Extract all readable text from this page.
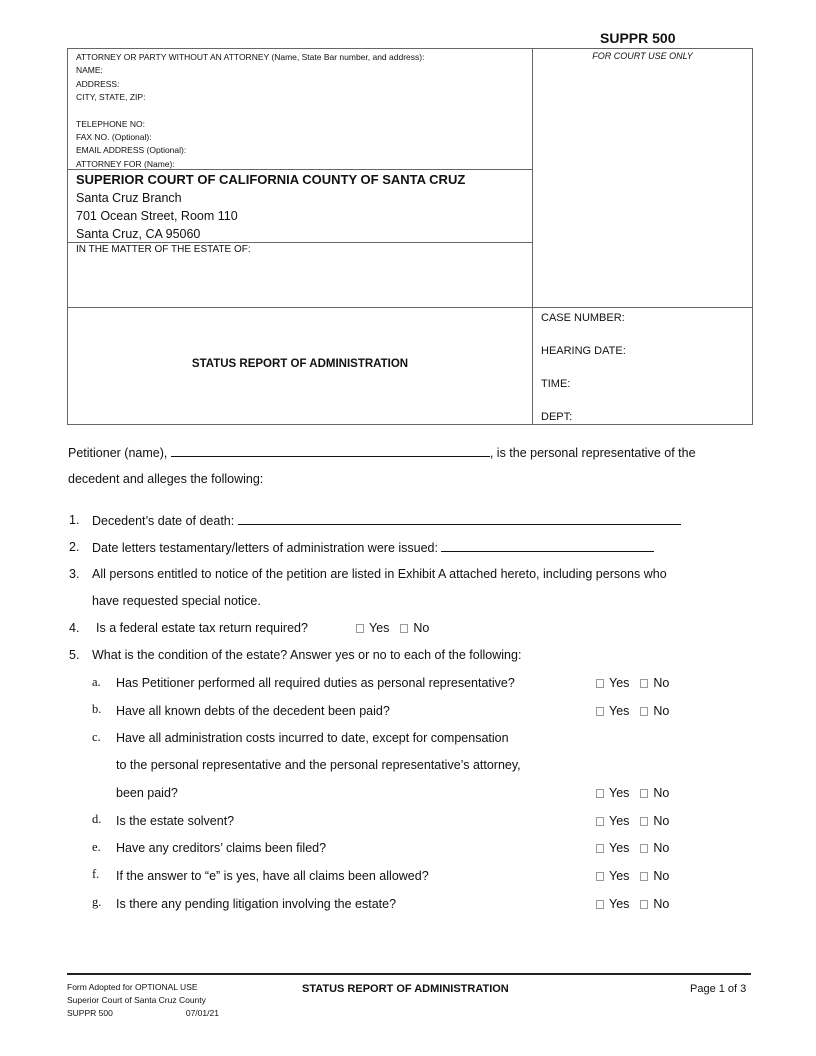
SUPPR 500
ATTORNEY OR PARTY WITHOUT AN ATTORNEY (Name, State Bar number, and address):
NAME:
ADDRESS:
CITY, STATE, ZIP:
TELEPHONE NO:
FAX NO. (Optional):
EMAIL ADDRESS (Optional):
ATTORNEY FOR (Name):
SUPERIOR COURT OF CALIFORNIA COUNTY OF SANTA CRUZ
Santa Cruz Branch
701 Ocean Street, Room 110
Santa Cruz, CA 95060
IN THE MATTER OF THE ESTATE OF:
FOR COURT USE ONLY
STATUS REPORT OF ADMINISTRATION
CASE NUMBER:
HEARING DATE:
TIME:
DEPT:
Petitioner (name),	, is the personal representative of the
decedent and alleges the following:
1. Decedent’s date of death:
2. Date letters testamentary/letters of administration were issued:
3. All persons entitled to notice of the petition are listed in Exhibit A attached hereto, including persons who
have requested special notice.
4. Is a federal estate tax return required?	Yes No
5. What is the condition of the estate? Answer yes or no to each of the following:
a. Has Petitioner performed all required duties as personal representative?	Yes No
b. Have all known debts of the decedent been paid?	Yes No
c. Have all administration costs incurred to date, except for compensation
to the personal representative and the personal representative’s attorney,
been paid?	Yes No
d. Is the estate solvent?	Yes No
e. Have any creditors’ claims been filed?	Yes No
f. If the answer to “e” is yes, have all claims been allowed?	Yes No
g. Is there any pending litigation involving the estate?	Yes No
Form Adopted for OPTIONAL USE
Superior Court of Santa Cruz County
SUPPR 500	07/01/21
STATUS REPORT OF ADMINISTRATION	Page 1 of 3
